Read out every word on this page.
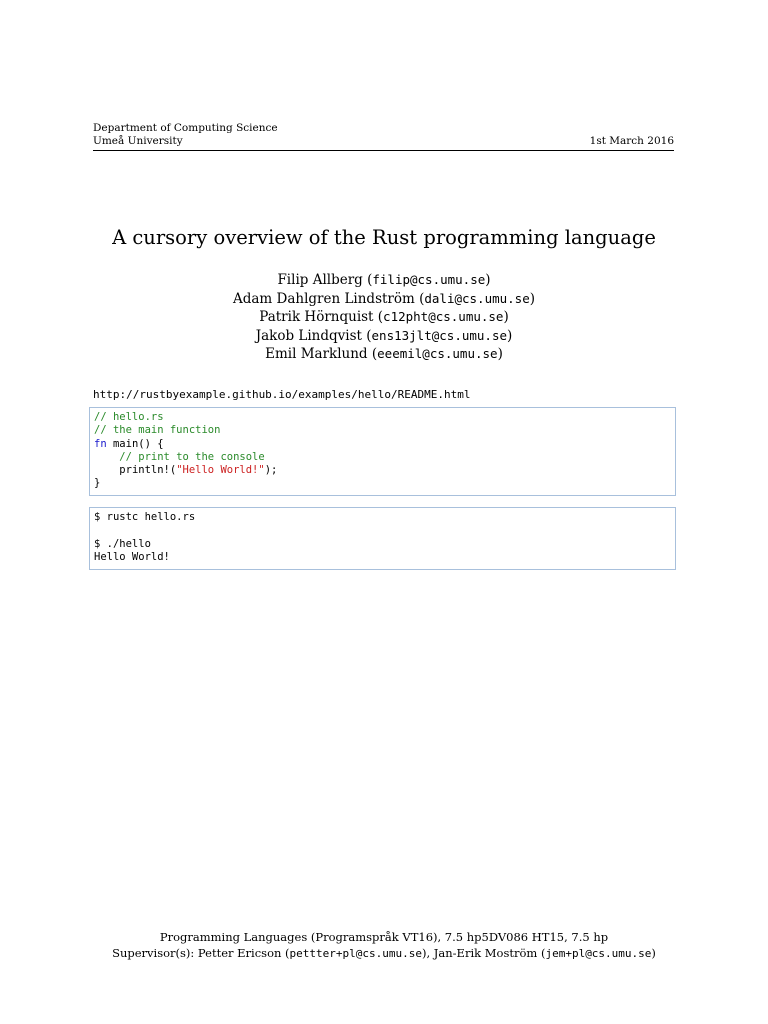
Department of Computing Science
Umeå University	1st March 2016
A cursory overview of the Rust programming language
Filip Allberg (filip@cs.umu.se)
Adam Dahlgren Lindström (dali@cs.umu.se)
Patrik Hörnquist (c12pht@cs.umu.se)
Jakob Lindqvist (ens13jlt@cs.umu.se)
Emil Marklund (eeemil@cs.umu.se)
http://rustbyexample.github.io/examples/hello/README.html
// hello.rs
// the main function
fn main() {
// print to the console
println!("Hello World!");
}
$ rustc hello.rs

$ ./hello
Hello World!
Programming Languages (Programspråk VT16), 7.5 hp5DV086 HT15, 7.5 hp
Supervisor(s): Petter Ericson (pettter+pl@cs.umu.se), Jan-Erik Moström (jem+pl@cs.umu.se)
